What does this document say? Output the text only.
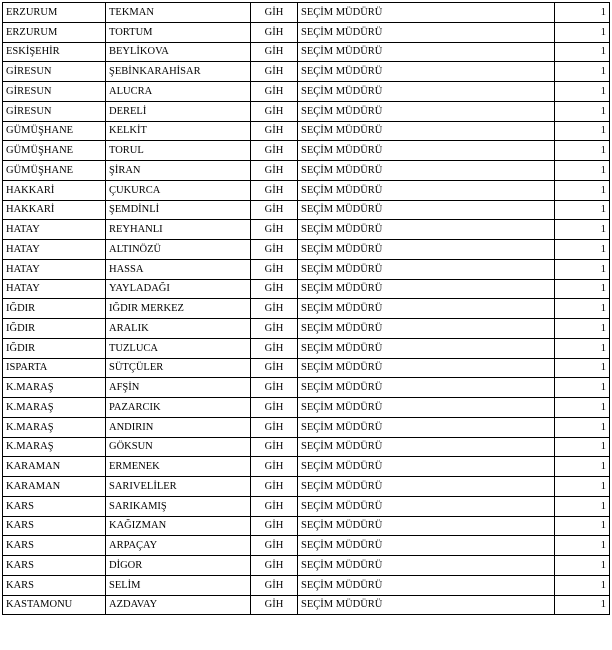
ERZURUM	TEKMAN	GİH	SEÇİM MÜDÜRÜ	1
ERZURUM	TORTUM	GİH	SEÇİM MÜDÜRÜ	1
ESKİŞEHİR	BEYLİKOVA	GİH	SEÇİM MÜDÜRÜ	1
GİRESUN	ŞEBİNKARAHİSAR	GİH	SEÇİM MÜDÜRÜ	1
GİRESUN	ALUCRA	GİH	SEÇİM MÜDÜRÜ	1
GİRESUN	DERELİ	GİH	SEÇİM MÜDÜRÜ	1
GÜMÜŞHANE	KELKİT	GİH	SEÇİM MÜDÜRÜ	1
GÜMÜŞHANE	TORUL	GİH	SEÇİM MÜDÜRÜ	1
GÜMÜŞHANE	ŞİRAN	GİH	SEÇİM MÜDÜRÜ	1
HAKKARİ	ÇUKURCA	GİH	SEÇİM MÜDÜRÜ	1
HAKKARİ	ŞEMDİNLİ	GİH	SEÇİM MÜDÜRÜ	1
HATAY	REYHANLI	GİH	SEÇİM MÜDÜRÜ	1
HATAY	ALTINÖZÜ	GİH	SEÇİM MÜDÜRÜ	1
HATAY	HASSA	GİH	SEÇİM MÜDÜRÜ	1
HATAY	YAYLADAĞI	GİH	SEÇİM MÜDÜRÜ	1
IĞDIR	IĞDIR MERKEZ	GİH	SEÇİM MÜDÜRÜ	1
IĞDIR	ARALIK	GİH	SEÇİM MÜDÜRÜ	1
IĞDIR	TUZLUCA	GİH	SEÇİM MÜDÜRÜ	1
ISPARTA	SÜTÇÜLER	GİH	SEÇİM MÜDÜRÜ	1
K.MARAŞ	AFŞİN	GİH	SEÇİM MÜDÜRÜ	1
K.MARAŞ	PAZARCIK	GİH	SEÇİM MÜDÜRÜ	1
K.MARAŞ	ANDIRIN	GİH	SEÇİM MÜDÜRÜ	1
K.MARAŞ	GÖKSUN	GİH	SEÇİM MÜDÜRÜ	1
KARAMAN	ERMENEK	GİH	SEÇİM MÜDÜRÜ	1
KARAMAN	SARIVELİLER	GİH	SEÇİM MÜDÜRÜ	1
KARS	SARIKAMIŞ	GİH	SEÇİM MÜDÜRÜ	1
KARS	KAĞIZMAN	GİH	SEÇİM MÜDÜRÜ	1
KARS	ARPAÇAY	GİH	SEÇİM MÜDÜRÜ	1
KARS	DİGOR	GİH	SEÇİM MÜDÜRÜ	1
KARS	SELİM	GİH	SEÇİM MÜDÜRÜ	1
KASTAMONU	AZDAVAY	GİH	SEÇİM MÜDÜRÜ	1
